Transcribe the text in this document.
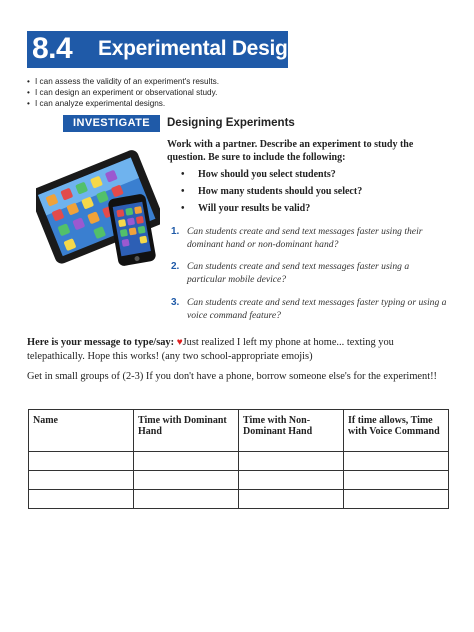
8.4 Experimental Design
• I can assess the validity of an experiment's results.
• I can design an experiment or observational study.
• I can analyze experimental designs.
INVESTIGATE	Designing Experiments
Work with a partner. Describe an experiment to study the question. Be sure to include the following:
• How should you select students?
• How many students should you select?
• Will your results be valid?
1. Can students create and send text messages faster using their dominant hand or non-dominant hand?
2. Can students create and send text messages faster using a particular mobile device?
3. Can students create and send text messages faster typing or using a voice command feature?
Here is your message to type/say: ♥Just realized I left my phone at home... texting you telepathically. Hope this works! (any two school-appropriate emojis)
Get in small groups of (2-3) If you don't have a phone, borrow someone else's for the experiment!!
Name	Time with Dominant Hand	Time with Non-Dominant Hand	If time allows, Time with Voice Command
